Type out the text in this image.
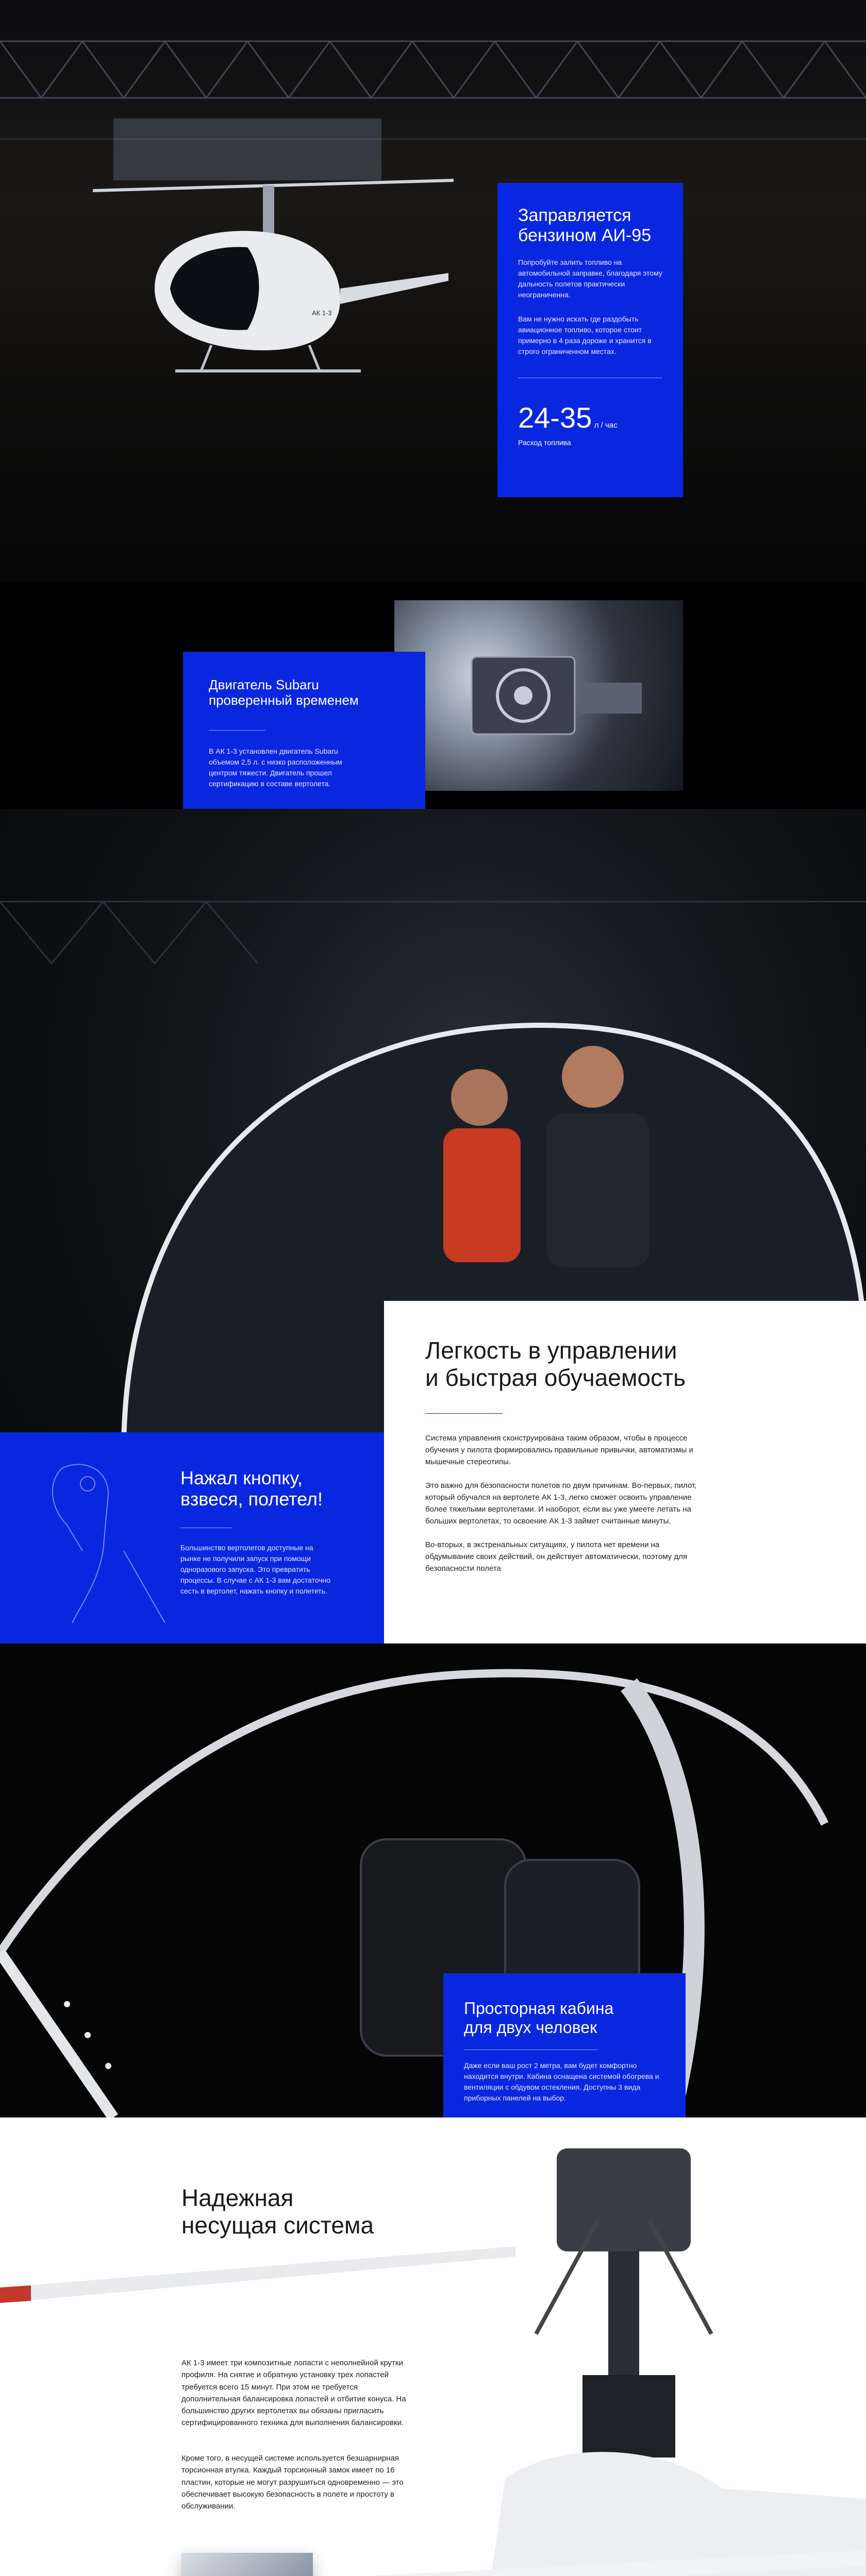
АК 1-3
Заправляется
бензином АИ-95

Попробуйте залить топливо на автомобильной заправке, благодаря этому дальность полетов практически неограниченна.

Вам не нужно искать где раздобыть авиационное топливо, которое стоит примерно в 4 раза дороже и хранится в строго ограниченном местах.

24-35 л / час
Расход топлива
Двигатель Subaru
проверенный временем

В АК 1-3 установлен двигатель Subaru объемом 2,5 л. с низко расположенным центром тяжести. Двигатель прошел сертификацию в составе вертолета.

Легкость в управлении
и быстрая обучаемость

Система управления сконструирована таким образом, чтобы в процессе обучения у пилота формировались правильные привычки, автоматизмы и мышечные стереотипы.

Это важно для безопасности полетов по двум причинам. Во-первых, пилот, который обучался на вертолете АК 1-3, легко сможет освоить управление более тяжелыми вертолетами. И наоборот, если вы уже умеете летать на больших вертолетах, то освоение АК 1-3 займет считанные минуты.

Во-вторых, в экстренальных ситуациях, у пилота нет времени на обдумывание своих действий, он действует автоматически, поэтому для безопасности полета

Нажал кнопку,
взвеся, полетел!

Большинство вертолетов доступные на рынке не получили запуск при помощи одноразового запуска. Это превратить процессы. В случае с АК 1-3 вам достаточно сесть в вертолет, нажать кнопку и полететь.

Просторная кабина
для двух человек

Даже если ваш рост 2 метра, вам будет комфортно находится внутри. Кабина оснащена системой обогрева и вентиляции с обдувом остекления. Доступны 3 вида приборных панелей на выбор.

Надежная
несущая система

АК 1-3 имеет три композитные лопасти с неполнейной крутки профиля. На снятие и обратную установку трех лопастей требуется всего 15 минут. При этом не требуется дополнительная балансировка лопастей и отбитие конуса. На большинство других вертолетах вы обязаны пригласить сертифицированного техника для выполнения балансировки.

Кроме того, в несущей системе используется безшарнирная торсионная втулка. Каждый торсионный замок имеет по 16 пластин, которые не могут разрушиться одновременно — это обеспечивает высокую безопасность в полете и простоту в обслуживании.
